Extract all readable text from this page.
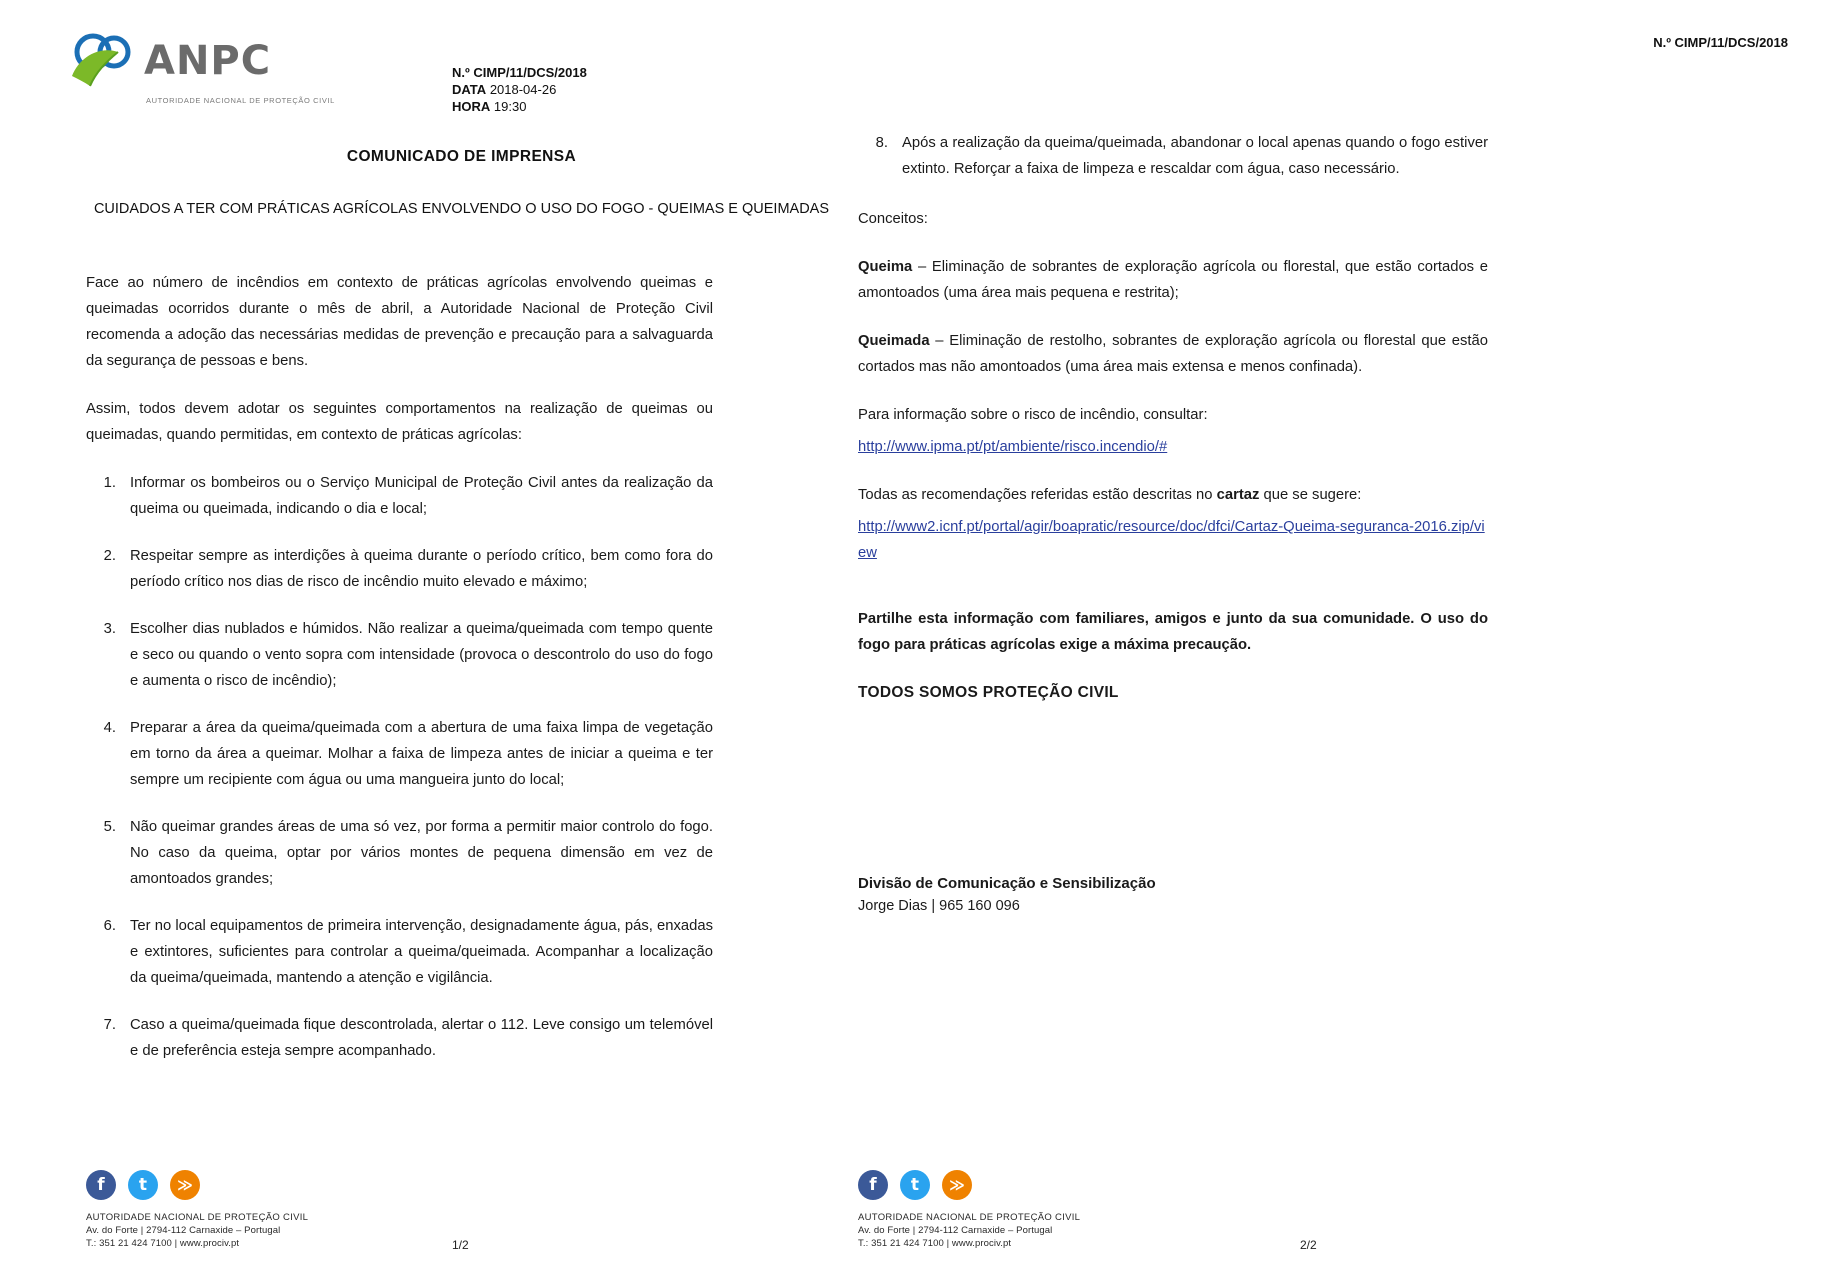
ANPC
AUTORIDADE NACIONAL DE PROTEÇÃO CIVIL
N.º CIMP/11/DCS/2018
DATA 2018-04-26
HORA 19:30
COMUNICADO DE IMPRENSA
CUIDADOS A TER COM PRÁTICAS AGRÍCOLAS ENVOLVENDO O USO DO FOGO - QUEIMAS E QUEIMADAS

Face ao número de incêndios em contexto de práticas agrícolas envolvendo queimas e queimadas ocorridos durante o mês de abril, a Autoridade Nacional de Proteção Civil recomenda a adoção das necessárias medidas de prevenção e precaução para a salvaguarda da segurança de pessoas e bens.

Assim, todos devem adotar os seguintes comportamentos na realização de queimas ou queimadas, quando permitidas, em contexto de práticas agrícolas:

1. Informar os bombeiros ou o Serviço Municipal de Proteção Civil antes da realização da queima ou queimada, indicando o dia e local;
2. Respeitar sempre as interdições à queima durante o período crítico, bem como fora do período crítico nos dias de risco de incêndio muito elevado e máximo;
3. Escolher dias nublados e húmidos. Não realizar a queima/queimada com tempo quente e seco ou quando o vento sopra com intensidade (provoca o descontrolo do uso do fogo e aumenta o risco de incêndio);
4. Preparar a área da queima/queimada com a abertura de uma faixa limpa de vegetação em torno da área a queimar. Molhar a faixa de limpeza antes de iniciar a queima e ter sempre um recipiente com água ou uma mangueira junto do local;
5. Não queimar grandes áreas de uma só vez, por forma a permitir maior controlo do fogo. No caso da queima, optar por vários montes de pequena dimensão em vez de amontoados grandes;
6. Ter no local equipamentos de primeira intervenção, designadamente água, pás, enxadas e extintores, suficientes para controlar a queima/queimada. Acompanhar a localização da queima/queimada, mantendo a atenção e vigilância.
7. Caso a queima/queimada fique descontrolada, alertar o 112. Leve consigo um telemóvel e de preferência esteja sempre acompanhado.
f	t	≫
AUTORIDADE NACIONAL DE PROTEÇÃO CIVIL
Av. do Forte | 2794-112 Carnaxide – Portugal
T.: 351 21 424 7100 | www.prociv.pt	1/2
N.º CIMP/11/DCS/2018
8. Após a realização da queima/queimada, abandonar o local apenas quando o fogo estiver extinto. Reforçar a faixa de limpeza e rescaldar com água, caso necessário.

Conceitos:

Queima – Eliminação de sobrantes de exploração agrícola ou florestal, que estão cortados e amontoados (uma área mais pequena e restrita);

Queimada – Eliminação de restolho, sobrantes de exploração agrícola ou florestal que estão cortados mas não amontoados (uma área mais extensa e menos confinada).

Para informação sobre o risco de incêndio, consultar:

http://www.ipma.pt/pt/ambiente/risco.incendio/#

Todas as recomendações referidas estão descritas no cartaz que se sugere:

http://www2.icnf.pt/portal/agir/boapratic/resource/doc/dfci/Cartaz-Queima-seguranca-2016.zip/view

Partilhe esta informação com familiares, amigos e junto da sua comunidade. O uso do fogo para práticas agrícolas exige a máxima precaução.

TODOS SOMOS PROTEÇÃO CIVIL

Divisão de Comunicação e Sensibilização
Jorge Dias | 965 160 096
f	t	≫
AUTORIDADE NACIONAL DE PROTEÇÃO CIVIL
Av. do Forte | 2794-112 Carnaxide – Portugal
T.: 351 21 424 7100 | www.prociv.pt	2/2
